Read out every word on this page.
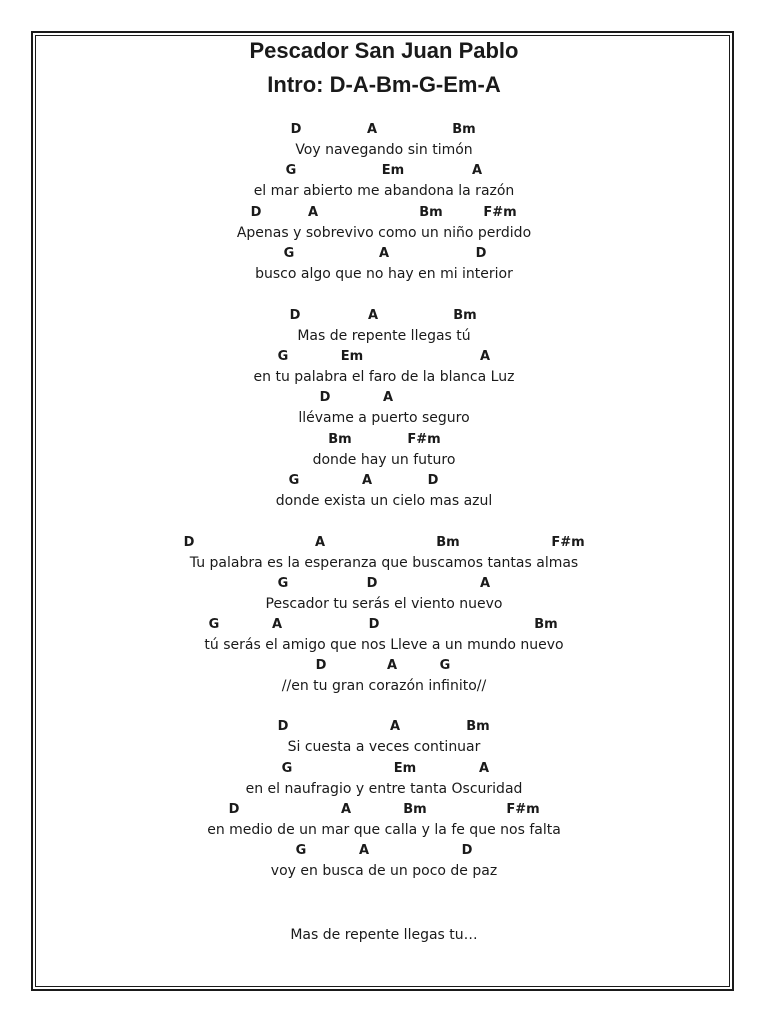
Pescador San Juan Pablo
Intro: D-A-Bm-G-Em-A
D	A	Bm
Voy navegando sin timón
G	Em	A
el mar abierto me abandona la razón
D	A	Bm	F#m
Apenas y sobrevivo como un niño perdido
G	A	D
busco algo que no hay en mi interior
D	A	Bm
Mas de repente llegas tú
G	Em	A
en tu palabra el faro de la blanca Luz
D	A
llévame a puerto seguro
Bm	F#m
donde hay un futuro
G	A	D
donde exista un cielo mas azul
D	A	Bm	F#m
Tu palabra es la esperanza que buscamos tantas almas
G	D	A
Pescador tu serás el viento nuevo
G	A	D	Bm
tú serás el amigo que nos Lleve a un mundo nuevo
D	A	G
//en tu gran corazón infinito//
D	A	Bm
Si cuesta a veces continuar
G	Em	A
en el naufragio y entre tanta Oscuridad
D	A	Bm	F#m
en medio de un mar que calla y la fe que nos falta
G	A	D
voy en busca de un poco de paz
Mas de repente llegas tu…
